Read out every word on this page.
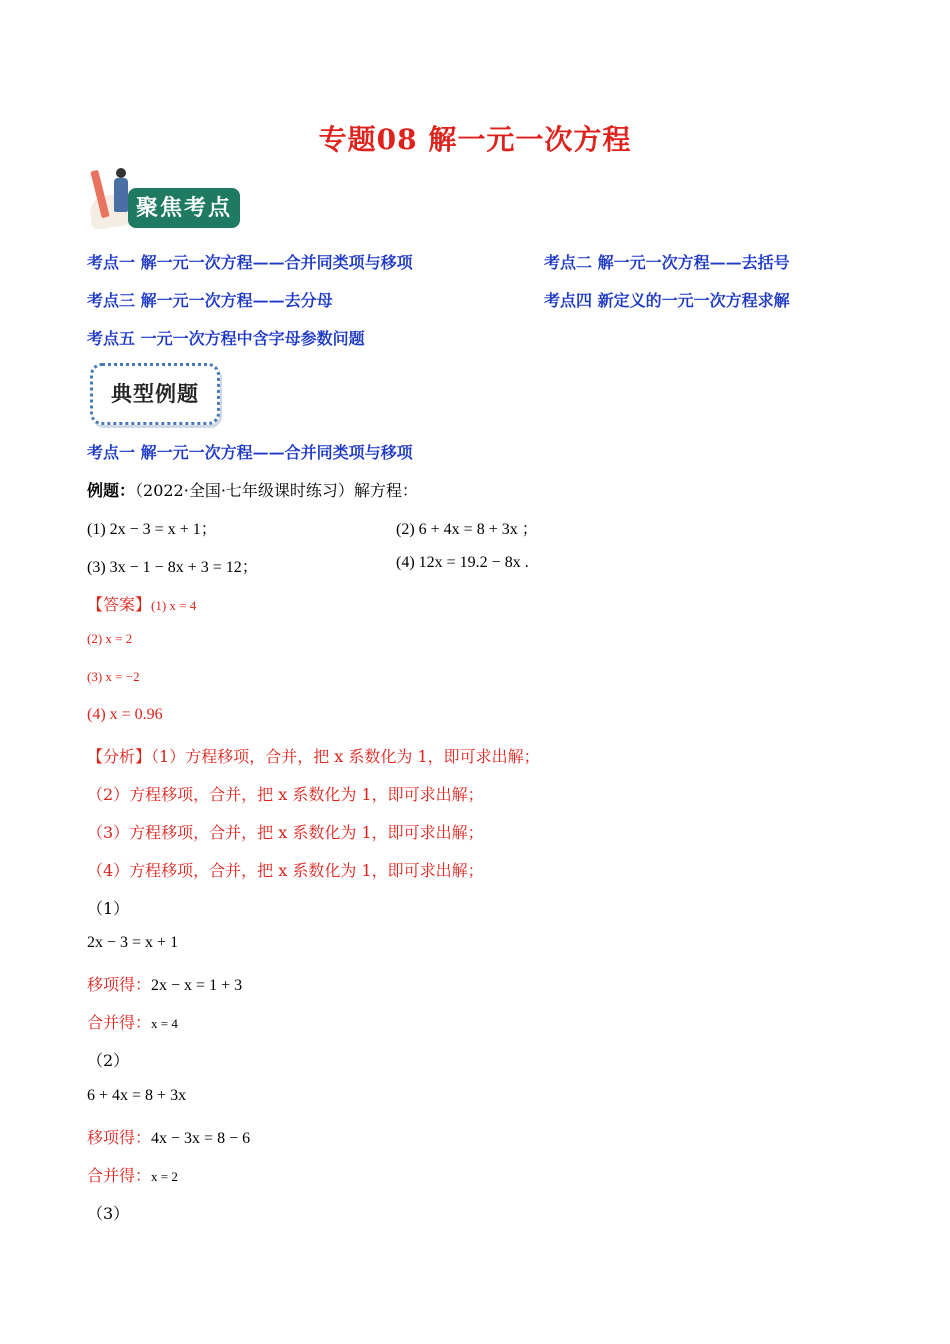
专题08 解一元一次方程
聚焦考点
考点一 解一元一次方程——合并同类项与移项	考点二 解一元一次方程——去括号
考点三 解一元一次方程——去分母	考点四 新定义的一元一次方程求解
考点五 一元一次方程中含字母参数问题
典型例题
考点一 解一元一次方程——合并同类项与移项
例题：（2022·全国·七年级课时练习）解方程：
(1) 2x − 3 = x + 1；	(2) 6 + 4x = 8 + 3x ；
(3) 3x − 1 − 8x + 3 = 12；	(4) 12x = 19.2 − 8x .
【答案】(1) x = 4
(2) x = 2
(3) x = −2
(4) x = 0.96
【分析】（1）方程移项，合并，把 x 系数化为 1，即可求出解；
（2）方程移项，合并，把 x 系数化为 1，即可求出解；
（3）方程移项，合并，把 x 系数化为 1，即可求出解；
（4）方程移项，合并，把 x 系数化为 1，即可求出解；
（1）
2x − 3 = x + 1
移项得：2x − x = 1 + 3
合并得：x = 4
（2）
6 + 4x = 8 + 3x
移项得：4x − 3x = 8 − 6
合并得：x = 2
（3）
